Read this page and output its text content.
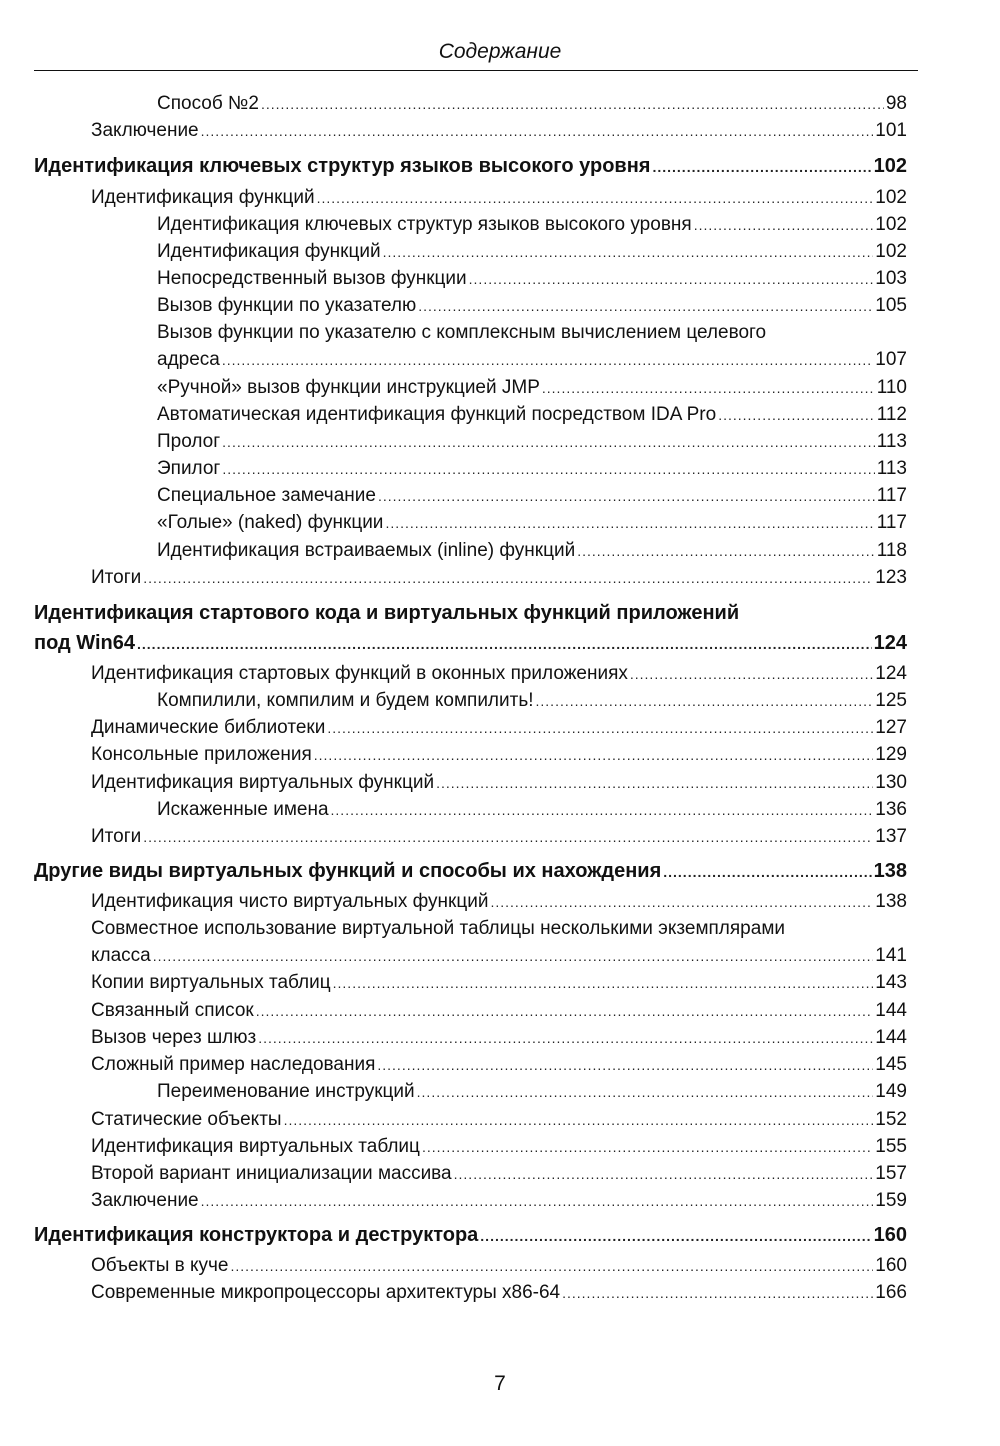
Содержание
Способ №2 .....	98
Заключение .....	101
Идентификация ключевых структур языков высокого уровня .....	102
Идентификация функций .....	102
Идентификация ключевых структур языков высокого уровня .....	102
Идентификация функций .....	102
Непосредственный вызов функции .....	103
Вызов функции по указателю .....	105
Вызов функции по указателю с комплексным вычислением целевого
адреса .....	107
«Ручной» вызов функции инструкцией JMP .....	110
Автоматическая идентификация функций посредством IDA Pro .....	112
Пролог .....	113
Эпилог .....	113
Специальное замечание .....	117
«Голые» (naked) функции .....	117
Идентификация встраиваемых (inline) функций .....	118
Итоги .....	123
Идентификация стартового кода и виртуальных функций приложений
под Win64 .....	124
Идентификация стартовых функций в оконных приложениях .....	124
Компилили, компилим и будем компилить! .....	125
Динамические библиотеки .....	127
Консольные приложения .....	129
Идентификация виртуальных функций .....	130
Искаженные имена .....	136
Итоги .....	137
Другие виды виртуальных функций и способы их нахождения .....	138
Идентификация чисто виртуальных функций .....	138
Совместное использование виртуальной таблицы несколькими экземплярами
класса .....	141
Копии виртуальных таблиц .....	143
Связанный список .....	144
Вызов через шлюз .....	144
Сложный пример наследования .....	145
Переименование инструкций .....	149
Статические объекты .....	152
Идентификация виртуальных таблиц .....	155
Второй вариант инициализации массива .....	157
Заключение .....	159
Идентификация конструктора и деструктора .....	160
Объекты в куче .....	160
Современные микропроцессоры архитектуры x86-64 .....	166
7
